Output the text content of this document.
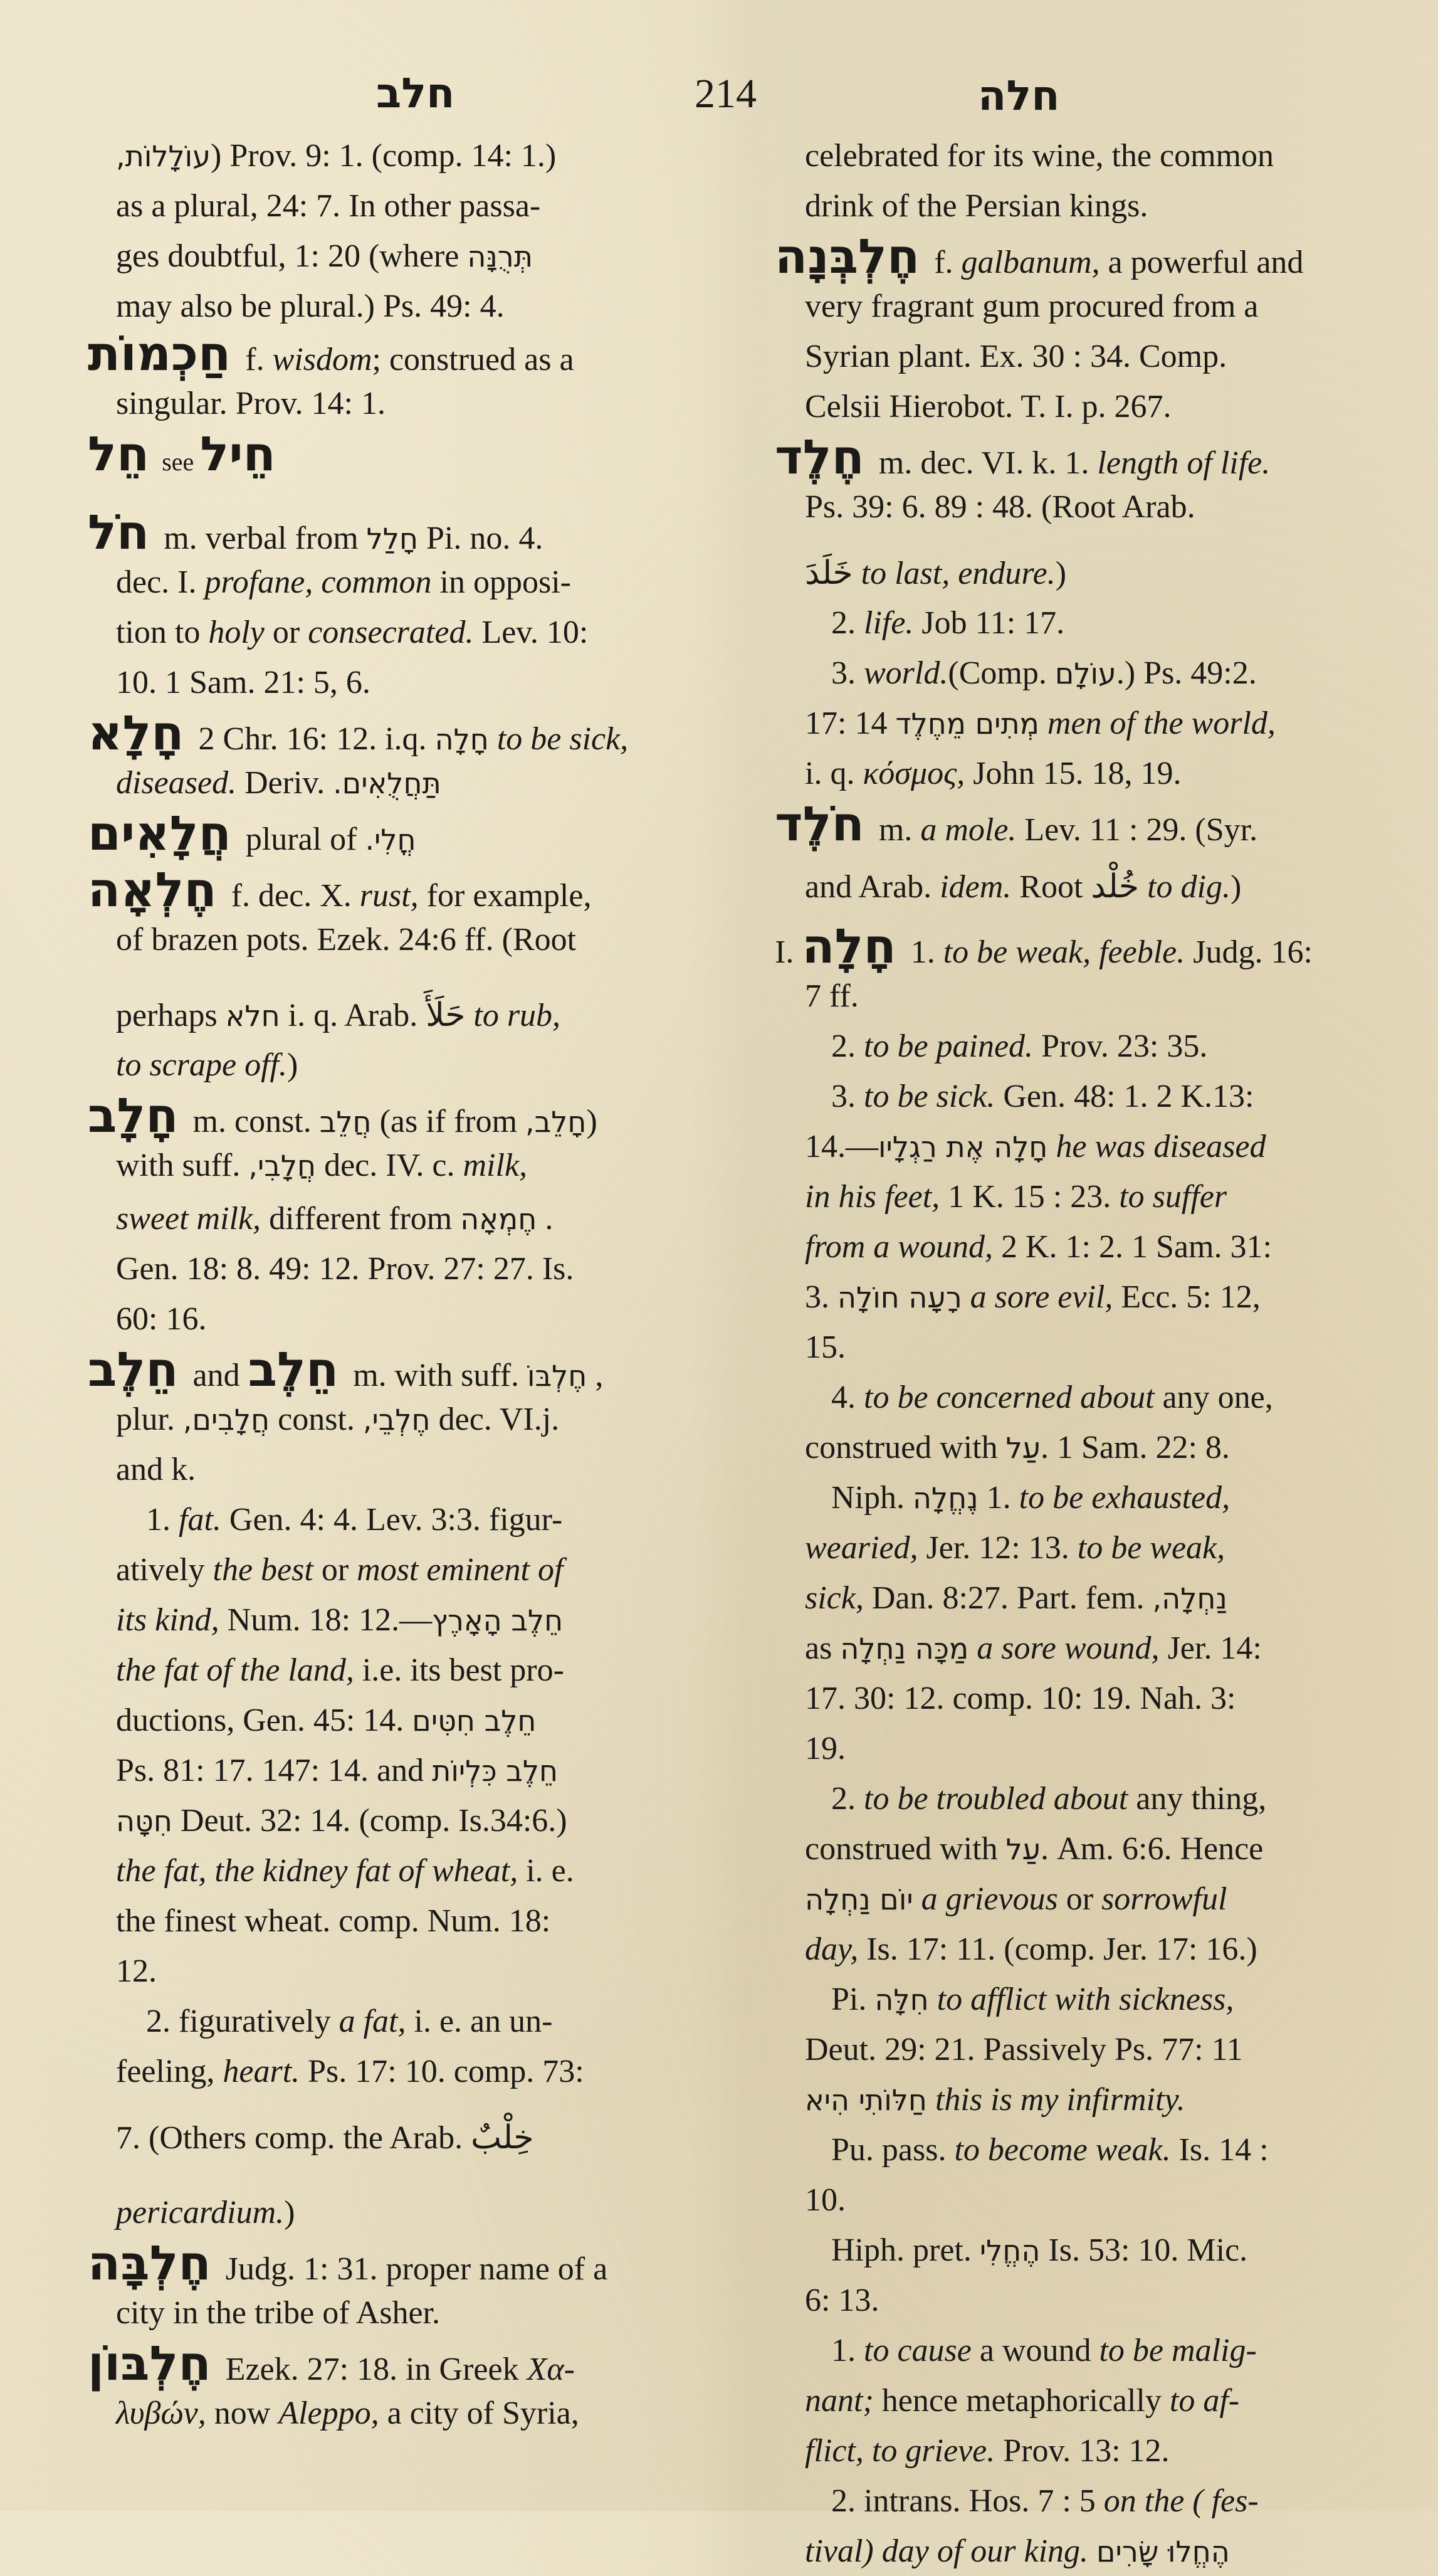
חלב	214	חלה
עוֹלָלוֹת,) Prov. 9: 1. (comp. 14: 1.)
as a plural, 24: 7. In other passa-
ges doubtful, 1: 20 (where תְּרֻנָּה
may also be plural.) Ps. 49: 4.
חַכְמוֹת f. wisdom; construed as a
singular. Prov. 14: 1.
חֵל see חֵיל
חֹל m. verbal from חָלַל Pi. no. 4.
dec. I. profane, common in opposi-
tion to holy or consecrated. Lev. 10:
10. 1 Sam. 21: 5, 6.
חָלָא 2 Chr. 16: 12. i.q. חָלָה to be sick,
diseased. Deriv. תַּחֲלֻאִים.
חֲלָאִים plural of חֳלִי.
חֶלְאָה f. dec. X. rust, for example,
of brazen pots. Ezek. 24:6 ff. (Root
perhaps חלא i. q. Arab. حَلَأَ to rub,
to scrape off.)
חָלָב m. const. חֲלֵב (as if from חָלֵב,)
with suff. חֲלָבִי, dec. IV. c. milk,
sweet milk, different from חֶמְאָה .
Gen. 18: 8. 49: 12. Prov. 27: 27. Is.
60: 16.
חֵלֶב and חֵלֶב m. with suff. חֶלְבּוֹ ,
plur. חֲלָבִים, const. חֶלְבֵי, dec. VI.j.
and k.
1. fat. Gen. 4: 4. Lev. 3:3. figur-
atively the best or most eminent of
its kind, Num. 18: 12.—חֵלֶב הָאָרֶץ
the fat of the land, i.e. its best pro-
ductions, Gen. 45: 14. חֵלֶב חִטִּים
Ps. 81: 17. 147: 14. and חֵלֶב כִּלְיוֹת
חִטָּה Deut. 32: 14. (comp. Is.34:6.)
the fat, the kidney fat of wheat, i. e.
the finest wheat. comp. Num. 18:
12.
2. figuratively a fat, i. e. an un-
feeling, heart. Ps. 17: 10. comp. 73:
7. (Others comp. the Arab. خِلْبٌ
pericardium.)
חֶלְבָּה Judg. 1: 31. proper name of a
city in the tribe of Asher.
חֶלְבּוֹן Ezek. 27: 18. in Greek Χα-
λυβών, now Aleppo, a city of Syria,
celebrated for its wine, the common
drink of the Persian kings.
חֶלְבְּנָה f. galbanum, a powerful and
very fragrant gum procured from a
Syrian plant. Ex. 30 : 34. Comp.
Celsii Hierobot. T. I. p. 267.
חֶלֶד m. dec. VI. k. 1. length of life.
Ps. 39: 6. 89 : 48. (Root Arab.
خَلَدَ to last, endure.)
2. life. Job 11: 17.
3. world.(Comp. עוֹלָם.) Ps. 49:2.
17: 14 מְתִים מֵחֶלֶד men of the world,
i. q. κόσμος, John 15. 18, 19.
חֹלֶד m. a mole. Lev. 11 : 29. (Syr.
and Arab. idem. Root خُلْد to dig.)
I. חָלָה 1. to be weak, feeble. Judg. 16:
7 ff.
2. to be pained. Prov. 23: 35.
3. to be sick. Gen. 48: 1. 2 K.13:
14.—חָלָה אֶת רַגְלָיו he was diseased
in his feet, 1 K. 15 : 23. to suffer
from a wound, 2 K. 1: 2. 1 Sam. 31:
3. רָעָה חוֹלָה a sore evil, Ecc. 5: 12,
15.
4. to be concerned about any one,
construed with עַל. 1 Sam. 22: 8.
Niph. נֶחֱלָה 1. to be exhausted,
wearied, Jer. 12: 13. to be weak,
sick, Dan. 8:27. Part. fem. נַחְלָה,
as מַכָּה נַחְלָה a sore wound, Jer. 14:
17. 30: 12. comp. 10: 19. Nah. 3:
19.
2. to be troubled about any thing,
construed with עַל. Am. 6:6. Hence
יוֹם נַחְלָה a grievous or sorrowful
day, Is. 17: 11. (comp. Jer. 17: 16.)
Pi. חִלָּה to afflict with sickness,
Deut. 29: 21. Passively Ps. 77: 11
חַלּוֹתִי הִיא this is my infirmity.
Pu. pass. to become weak. Is. 14 :
10.
Hiph. pret. הֶחֱלִי Is. 53: 10. Mic.
6: 13.
1. to cause a wound to be malig-
nant; hence metaphorically to af-
flict, to grieve. Prov. 13: 12.
2. intrans. Hos. 7 : 5 on the ( fes-
tival) day of our king. הֶחֱלוּ שָׂרִים
